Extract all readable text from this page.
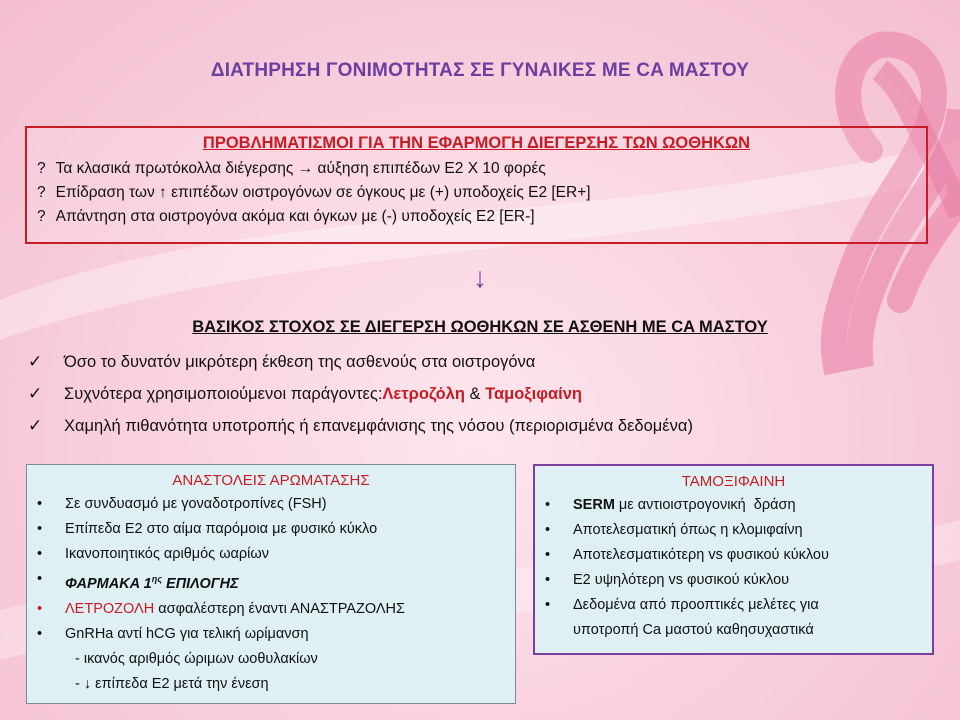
ΔΙΑΤΗΡΗΣΗ ΓΟΝΙΜΟΤΗΤΑΣ ΣΕ ΓΥΝΑΙΚΕΣ ΜΕ CA ΜΑΣΤΟΥ
ΠΡΟΒΛΗΜΑΤΙΣΜΟΙ ΓΙΑ ΤΗΝ ΕΦΑΡΜΟΓΗ ΔΙΕΓΕΡΣΗΣ ΤΩΝ ΩΟΘΗΚΩΝ
? Τα κλασικά πρωτόκολλα διέγερσης → αύξηση επιπέδων Ε2 Χ 10 φορές
? Επίδραση των ↑ επιπέδων οιστρογόνων σε όγκους με (+) υποδοχείς Ε2 [ER+]
? Απάντηση στα οιστρογόνα ακόμα και όγκων με (-) υποδοχείς Ε2 [ER-]
↓
ΒΑΣΙΚΟΣ ΣΤΟΧΟΣ ΣΕ ΔΙΕΓΕΡΣΗ ΩΟΘΗΚΩΝ ΣΕ ΑΣΘΕΝΗ ΜΕ CA ΜΑΣΤΟΥ
✓	Όσο το δυνατόν μικρότερη έκθεση της ασθενούς στα οιστρογόνα
✓	Συχνότερα χρησιμοποιούμενοι παράγοντες: Λετροζόλη & Ταμοξιφαίνη
✓	Χαμηλή πιθανότητα υποτροπής ή επανεμφάνισης της νόσου (περιορισμένα δεδομένα)
ΑΝΑΣΤΟΛΕΙΣ ΑΡΩΜΑΤΑΣΗΣ
•	Σε συνδυασμό με γοναδοτροπίνες (FSH)
•	Επίπεδα Ε2 στο αίμα παρόμοια με φυσικό κύκλο
•	Ικανοποιητικός αριθμός ωαρίων
•	ΦΑΡΜΑΚΑ $1^{\eta\varsigma}$ ΕΠΙΛΟΓΗΣ
•	ΛΕΤΡΟΖΟΛΗ ασφαλέστερη έναντι ΑΝΑΣΤΡΑΖΟΛΗΣ
•	GnRHa αντί hCG για τελική ωρίμανση
- ικανός αριθμός ώριμων ωοθυλακίων
- ↓ επίπεδα Ε2 μετά την ένεση
ΤΑΜΟΞΙΦΑΙΝΗ
•	SERM με αντιοιστρογονική  δράση
•	Αποτελεσματική όπως η κλομιφαίνη
•	Αποτελεσματικότερη vs φυσικού κύκλου
•	Ε2 υψηλότερη vs φυσικού κύκλου
•	Δεδομένα από προοπτικές μελέτες για
υποτροπή Ca μαστού καθησυχαστικά
